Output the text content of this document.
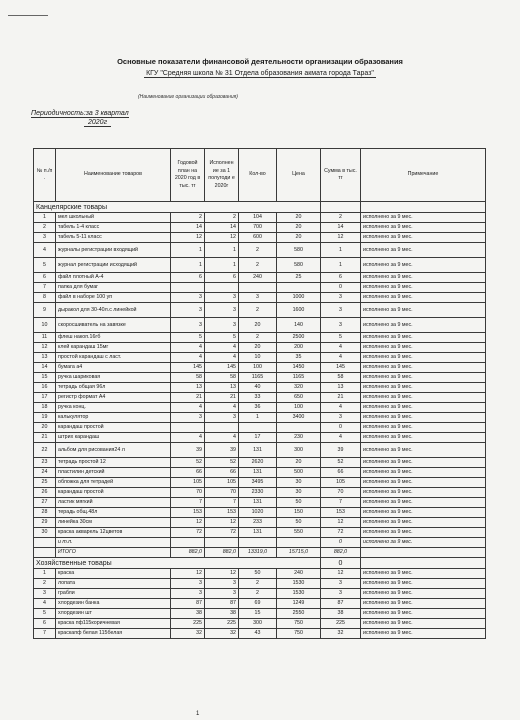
Основные показатели финансовой деятельности организации образования
КГУ "Средняя школа № 31 Отдела образования акмата города Тараз"
(Наименование организации образования)
Периодичность:за 3 квартал
2020г
№ п./п .	Наименование товаров	Годовой план на 2020 год в тыс. тг	Исполнен ие за 1 полугоди е 2020г	Кол-во	Цена	Сумма в тыс. тг	Примечание
Канцелярские товары							
1	мел школьный	2	2	104	20	2	исполнено за 9 мес.
2	табель 1-4 класс	14	14	700	20	14	исполнено за 9 мес.
3	табель 5-11 класс	12	12	600	20	12	исполнено за 9 мес.
4	журналы регистрации входящий	1	1	2	580	1	исполнено за 9 мес.
5	журнал регистрации исходящий	1	1	2	580	1	исполнено за 9 мес.
6	файл плотный А-4	6	6	240	25	6	исполнено за 9 мес.
7	папка для бумаг					0	исполнено за 9 мес.
8	файл в наборе 100 уп	3	3	3	1000	3	исполнено за 9 мес.
9	дыракол для 30-40л.с линейкой	3	3	2	1600	3	исполнено за 9 мес.
10	скоросшиватель на завязке	3	3	20	140	3	исполнено за 9 мес.
11	флеш накоп.16гб	5	5	2	2500	5	исполнено за 9 мес.
12	клей карандаш 15мг	4	4	20	200	4	исполнено за 9 мес.
13	простой карандаш с ласт.	4	4	10	35	4	исполнено за 9 мес.
14	бумага а4	145	145	100	1450	145	исполнено за 9 мес.
15	ручка шариковая	58	58	1165	1165	58	исполнено за 9 мес.
16	тетрадь общая 96л	13	13	40	320	13	исполнено за 9 мес.
17	регистр формат А4	21	21	33	650	21	исполнено за 9 мес.
18	ручка конц.	4	4	36	100	4	исполнено за 9 мес.
19	калькулятор	3	3	1	3400	3	исполнено за 9 мес.
20	карандаш простой					0	исполнено за 9 мес.
21	штрих карандаш	4	4	17	230	4	исполнено за 9 мес.
22	альбом для рисования24 л	39	39	131	300	39	исполнено за 9 мес.
23	тетрадь простой 12	52	52	2620	20	52	исполнено за 9 мес.
24	пластилин детский	66	66	131	500	66	исполнено за 9 мес.
25	обложка для тетрадей	105	105	3495	30	105	исполнено за 9 мес.
26	карандаш простой	70	70	2330	30	70	исполнено за 9 мес.
27	ластик мягкий	7	7	131	50	7	исполнено за 9 мес.
28	терадь общ.48л	153	153	1020	150	153	исполнено за 9 мес.
29	линейка 30см	12	12	233	50	12	исполнено за 9 мес.
30	краска акварель 12цветов	72	72	131	550	72	исполнено за 9 мес.
	и т.п.					0	исполнено за 9 мес.
	ИТОГО	882,0	882,0	13319,0	15715,0	882,0	
Хозяйственные товары						0	
1	краска	12	12	50	240	12	исполнено за 9 мес.
2	лопата	3	3	2	1530	3	исполнено за 9 мес.
3	грабли	3	3	2	1530	3	исполнено за 9 мес.
4	хлордезин банка	87	87	69	1249	87	исполнено за 9 мес.
5	хлордезин шт	38	38	15	2550	38	исполнено за 9 мес.
6	краска пф115коричневая	225	225	300	750	225	исполнено за 9 мес.
7	краскапф белая 115белая	32	32	43	750	32	исполнено за 9 мес.
1
